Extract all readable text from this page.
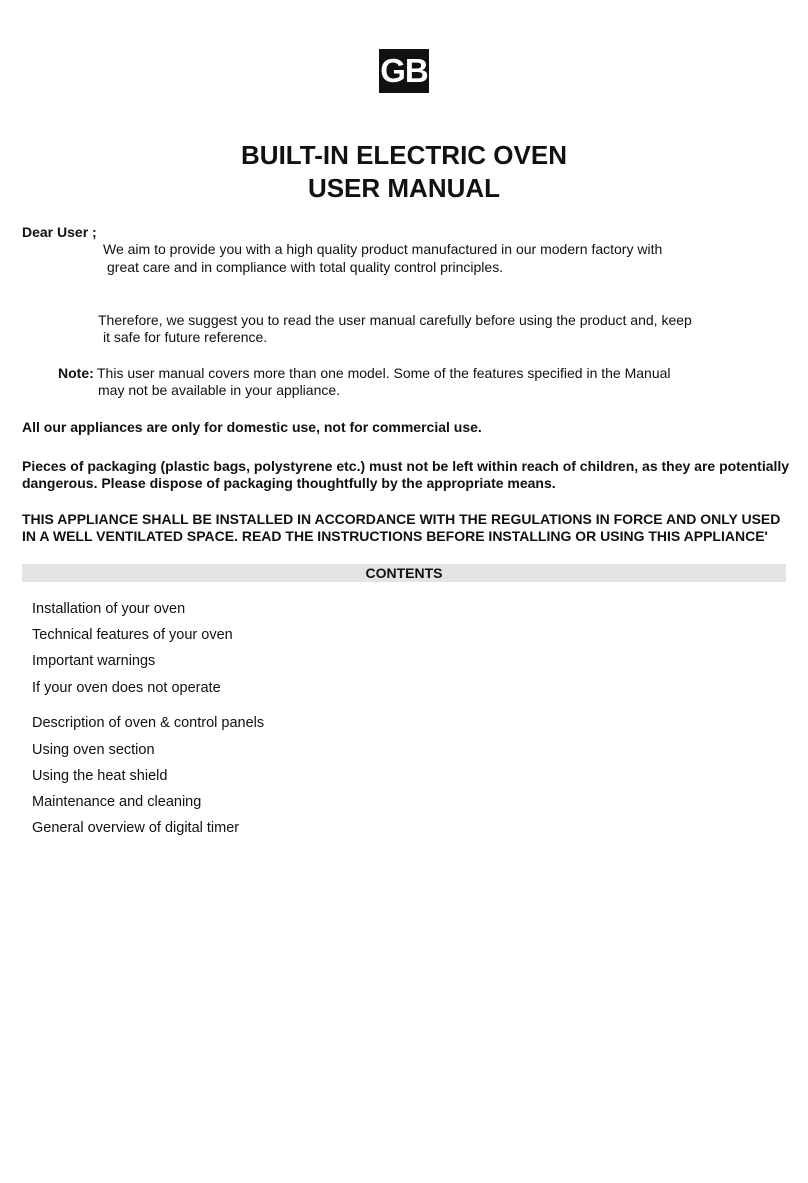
GB
BUILT-IN ELECTRIC OVEN
USER MANUAL
Dear User ;
We aim to provide you with a high quality product manufactured in our modern factory with
great care and in compliance with total quality control principles.
Therefore, we suggest you to read the user manual carefully before using the product and, keep
it safe for future reference.
Note: This user manual covers more than one model. Some of the features specified in the Manual
may not be available in your appliance.
All our appliances are only for domestic use, not for commercial use.
Pieces of packaging (plastic bags, polystyrene etc.) must not be left within reach of children, as they are potentially
dangerous. Please dispose of packaging thoughtfully by the appropriate means.
THIS APPLIANCE SHALL BE INSTALLED IN ACCORDANCE WITH THE REGULATIONS IN FORCE AND ONLY USED
IN A WELL VENTILATED SPACE. READ THE INSTRUCTIONS BEFORE INSTALLING OR USING THIS APPLIANCE'
CONTENTS
Installation of your oven
Technical features of your oven
Important warnings
If your oven does not operate
Description of oven & control panels
Using oven section
Using the heat shield
Maintenance and cleaning
General overview of digital timer
